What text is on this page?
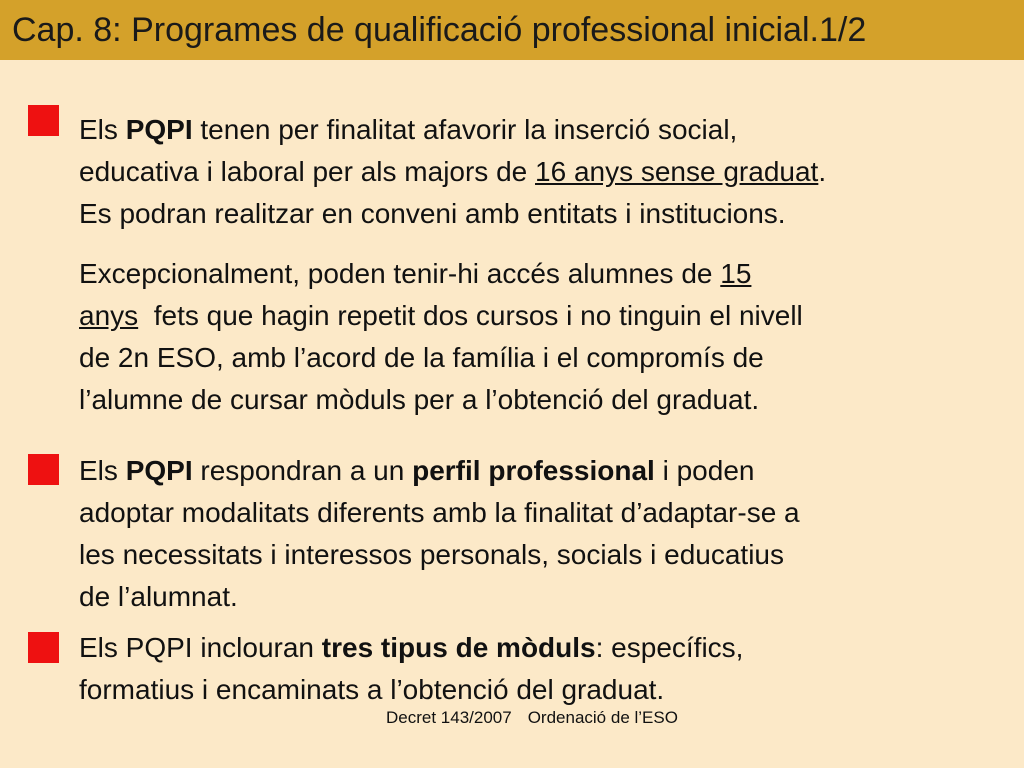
Cap. 8: Programes de qualificació professional inicial.1/2

Els PQPI tenen per finalitat afavorir la inserció social,
educativa i laboral per als majors de 16 anys sense graduat.
Es podran realitzar en conveni amb entitats i institucions.

Excepcionalment, poden tenir-hi accés alumnes de 15
anys  fets que hagin repetit dos cursos i no tinguin el nivell
de 2n ESO, amb l’acord de la família i el compromís de
l’alumne de cursar mòduls per a l’obtenció del graduat.

Els PQPI respondran a un perfil professional i poden
adoptar modalitats diferents amb la finalitat d’adaptar-se a
les necessitats i interessos personals, socials i educatius
de l’alumnat.

Els PQPI inclouran tres tipus de mòduls: específics,
formatius i encaminats a l’obtenció del graduat.

Decret 143/2007 Ordenació de l’ESO
